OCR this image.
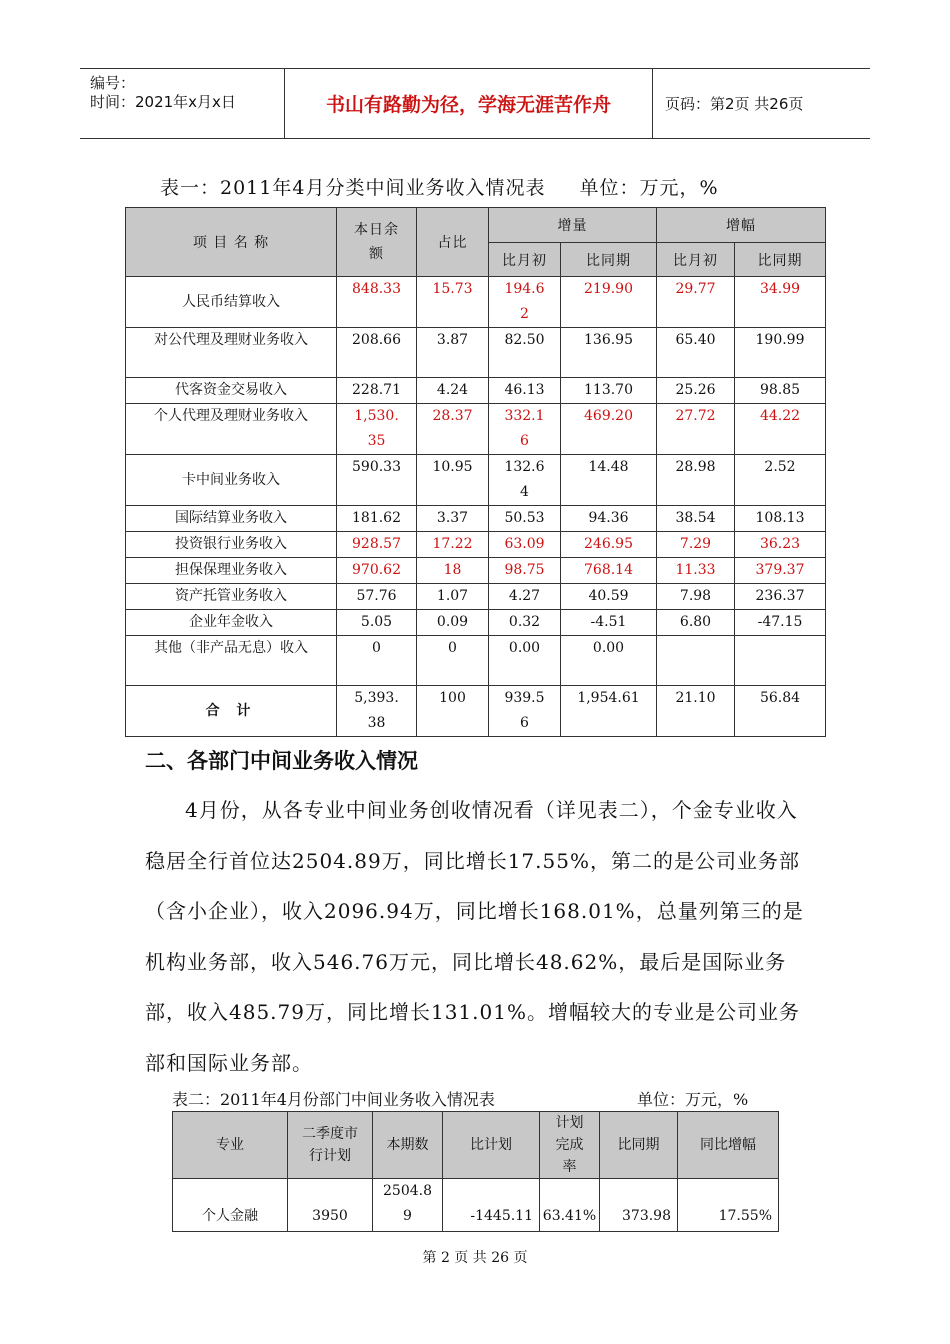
编号：
时间：2021年x月x日	书山有路勤为径，学海无涯苦作舟	页码：第2页 共26页
表一：2011年4月分类中间业务收入情况表 单位：万元，%
项 目 名 称	本日余额	占比	增量		增幅	
			比月初	比同期	比月初	比同期
人民币结算收入	848.33	15.73	194.62	219.90	29.77	34.99
对公代理及理财业务收入	208.66	3.87	82.50	136.95	65.40	190.99
代客资金交易收入	228.71	4.24	46.13	113.70	25.26	98.85
个人代理及理财业务收入	1,530.35	28.37	332.16	469.20	27.72	44.22
卡中间业务收入	590.33	10.95	132.64	14.48	28.98	2.52
国际结算业务收入	181.62	3.37	50.53	94.36	38.54	108.13
投资银行业务收入	928.57	17.22	63.09	246.95	7.29	36.23
担保保理业务收入	970.62	18	98.75	768.14	11.33	379.37
资产托管业务收入	57.76	1.07	4.27	40.59	7.98	236.37
企业年金收入	5.05	0.09	0.32	-4.51	6.80	-47.15
其他（非产品无息）收入	0	0	0.00	0.00		
合 计	5,393.38	100	939.56	1,954.61	21.10	56.84
二、各部门中间业务收入情况
4月份，从各专业中间业务创收情况看（详见表二），个金专业收入稳居全行首位达2504.89万，同比增长17.55%，第二的是公司业务部（含小企业），收入2096.94万，同比增长168.01%，总量列第三的是机构业务部，收入546.76万元，同比增长48.62%，最后是国际业务部，收入485.79万，同比增长131.01%。增幅较大的专业是公司业务部和国际业务部。
表二：2011年4月份部门中间业务收入情况表	单位：万元，%
专业	二季度市行计划	本期数	比计划	计划完成率	比同期	同比增幅
个人金融	3950	2504.89	-1445.11	63.41%	373.98	17.55%
第 2 页 共 26 页
